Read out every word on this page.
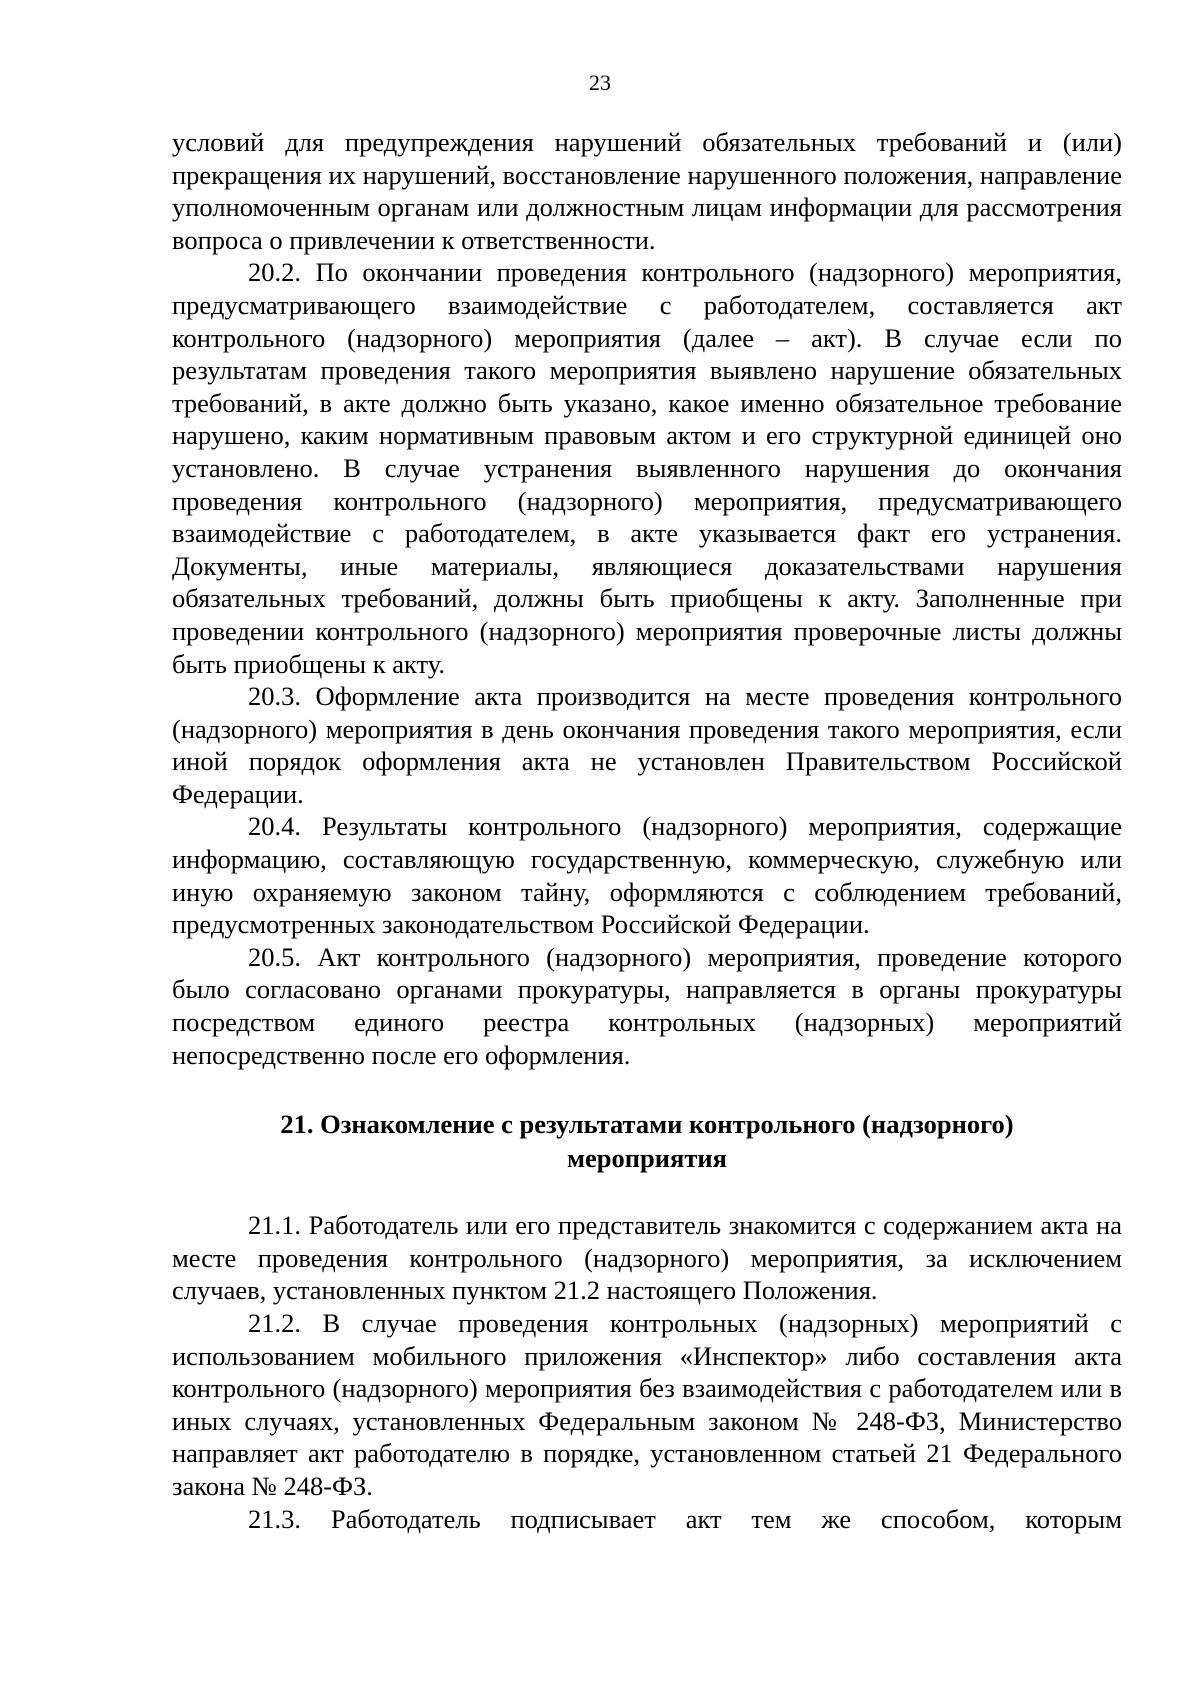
23

условий для предупреждения нарушений обязательных требований и (или) прекращения их нарушений, восстановление нарушенного положения, направление уполномоченным органам или должностным лицам информации для рассмотрения вопроса о привлечении к ответственности.

20.2. По окончании проведения контрольного (надзорного) мероприятия, предусматривающего взаимодействие с работодателем, составляется акт контрольного (надзорного) мероприятия (далее – акт). В случае если по результатам проведения такого мероприятия выявлено нарушение обязательных требований, в акте должно быть указано, какое именно обязательное требование нарушено, каким нормативным правовым актом и его структурной единицей оно установлено. В случае устранения выявленного нарушения до окончания проведения контрольного (надзорного) мероприятия, предусматривающего взаимодействие с работодателем, в акте указывается факт его устранения. Документы, иные материалы, являющиеся доказательствами нарушения обязательных требований, должны быть приобщены к акту. Заполненные при проведении контрольного (надзорного) мероприятия проверочные листы должны быть приобщены к акту.

20.3. Оформление акта производится на месте проведения контрольного (надзорного) мероприятия в день окончания проведения такого мероприятия, если иной порядок оформления акта не установлен Правительством Российской Федерации.

20.4. Результаты контрольного (надзорного) мероприятия, содержащие информацию, составляющую государственную, коммерческую, служебную или иную охраняемую законом тайну, оформляются с соблюдением требований, предусмотренных законодательством Российской Федерации.

20.5. Акт контрольного (надзорного) мероприятия, проведение которого было согласовано органами прокуратуры, направляется в органы прокуратуры посредством единого реестра контрольных (надзорных) мероприятий непосредственно после его оформления.

21. Ознакомление с результатами контрольного (надзорного)
мероприятия

21.1. Работодатель или его представитель знакомится с содержанием акта на месте проведения контрольного (надзорного) мероприятия, за исключением случаев, установленных пунктом 21.2 настоящего Положения.

21.2. В случае проведения контрольных (надзорных) мероприятий с использованием мобильного приложения «Инспектор» либо составления акта контрольного (надзорного) мероприятия без взаимодействия с работодателем или в иных случаях, установленных Федеральным законом № 248-ФЗ, Министерство направляет акт работодателю в порядке, установленном статьей 21 Федерального закона № 248-ФЗ.

21.3. Работодатель подписывает акт тем же способом, которым
